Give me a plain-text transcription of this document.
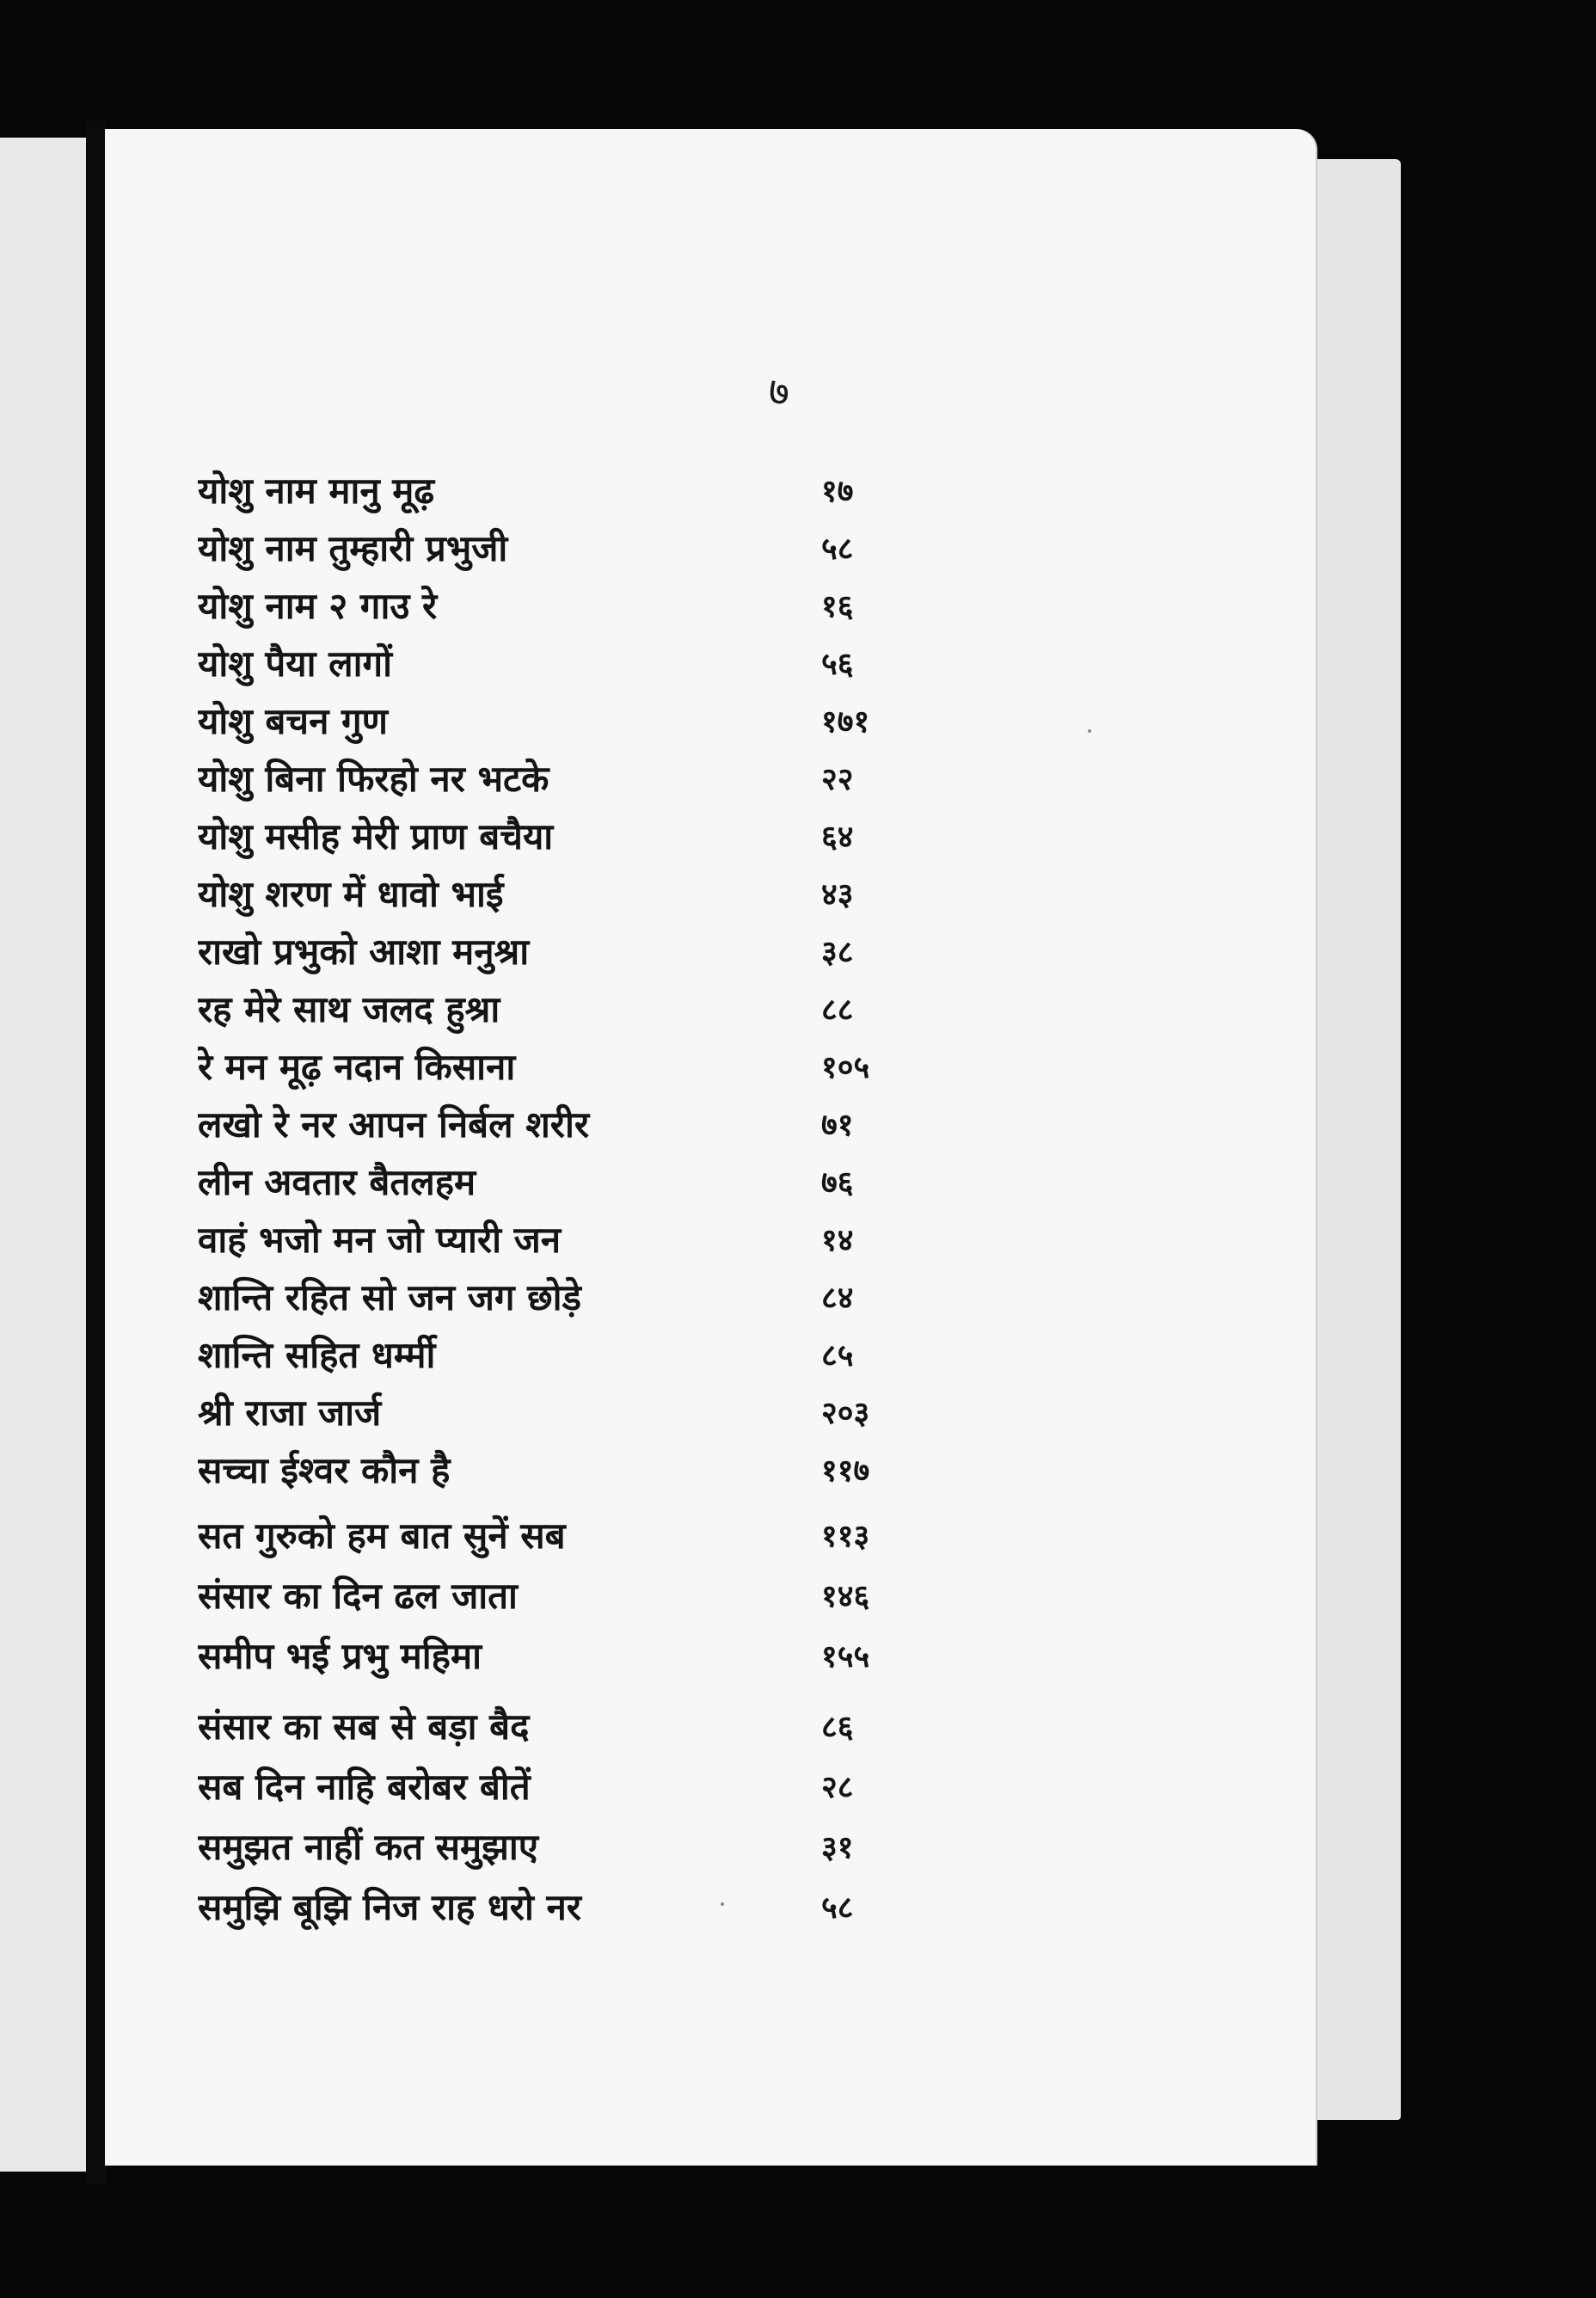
७
योशु नाम मानु मूढ़	१७
योशु नाम तुम्हारी प्रभुजी	५८
योशु नाम २ गाउ रे	१६
योशु पैया लागों	५६
योशु बचन गुण	१७१
योशु बिना फिरहो नर भटके	२२
योशु मसीह मेरी प्राण बचैया	६४
योशु शरण में धावो भाई	४३
राखो प्रभुको आशा मनुश्रा	३८
रह मेरे साथ जलद हुश्रा	८८
रे मन मूढ़ नदान किसाना	१०५
लखो रे नर आपन निर्बल शरीर	७१
लीन अवतार बैतलहम	७६
वाहं भजो मन जो प्यारी जन	१४
शान्ति रहित सो जन जग छोड़े	८४
शान्ति सहित धर्म्मी	८५
श्री राजा जार्ज	२०३
सच्चा ईश्वर कौन है	११७
सत गुरुको हम बात सुनें सब	११३
संसार का दिन ढल जाता	१४६
समीप भई प्रभु महिमा	१५५
संसार का सब से बड़ा बैद	८६
सब दिन नाहि बरोबर बीतें	२८
समुझत नाहीं कत समुझाए	३१
समुझि बूझि निज राह धरो नर	५८
